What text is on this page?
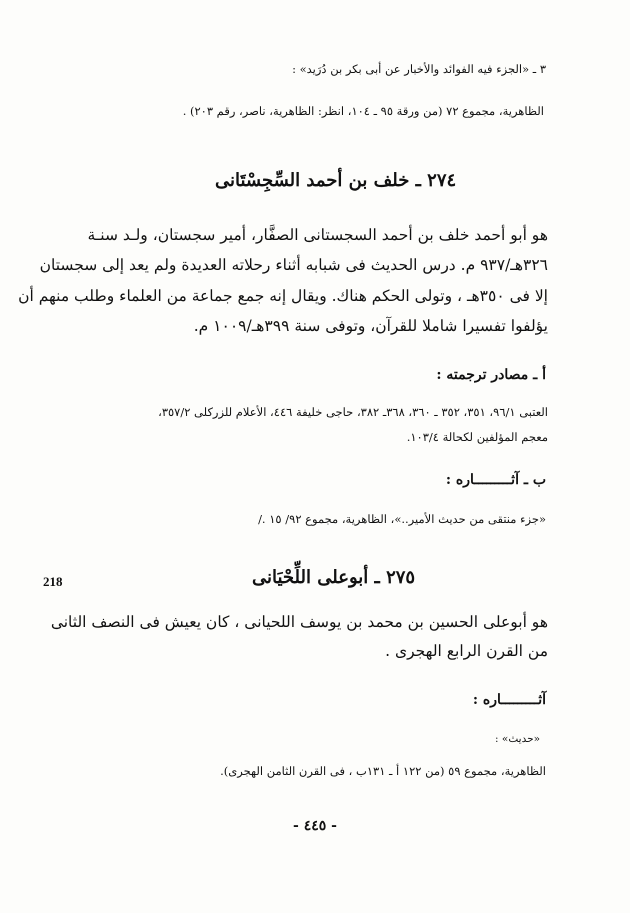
٣ ـ «الجزء فيه الفوائد والأخبار عن أبى بكر بن دُرَيد» :
الظاهرية، مجموع ٧٢ (من ورقة ٩٥ ـ ١٠٤، انظر: الظاهرية، ناصر، رقم ٢٠٣) .
٢٧٤ ـ خلف بن أحمد السِّجِسْتَانى
هو أبو أحمد خلف بن أحمد السجستانى الصفَّار، أمير سجستان، ولـد سنـة
٣٢٦هـ/٩٣٧ م. درس الحديث فى شبابه أثناء رحلاته العديدة ولم يعد إلى سجستان
إلا فى ٣٥٠هـ ، وتولى الحكم هناك. ويقال إنه جمع جماعة من العلماء وطلب منهم أن
يؤلفوا تفسيرا شاملا للقرآن، وتوفى سنة ٣٩٩هـ/١٠٠٩ م.
أ ـ مصادر ترجمته :
العتبى ٩٦/١، ٣٥١، ٣٥٢ ـ ٣٦٠، ٣٦٨ـ ٣٨٢، حاجى خليفة ٤٤٦، الأعلام للزركلى ٣٥٧/٢،
معجم المؤلفين لكحالة ١٠٣/٤.
ب ـ آثـــــــــاره :
«جزء منتقى من حديث الأمير..»، الظاهرية، مجموع ٩٢/ ١٥ ./
218	٢٧٥ ـ أبوعلى اللِّحْيَانى
هو أبوعلى الحسين بن محمد بن يوسف اللحيانى ، كان يعيش فى النصف الثانى
من القرن الرابع الهجرى .
آثـــــــــاره :
«حديث» :
الظاهرية، مجموع ٥٩ (من ١٢٢ أ ـ ١٣١ب ، فى القرن الثامن الهجرى).
- ٤٤٥ -
